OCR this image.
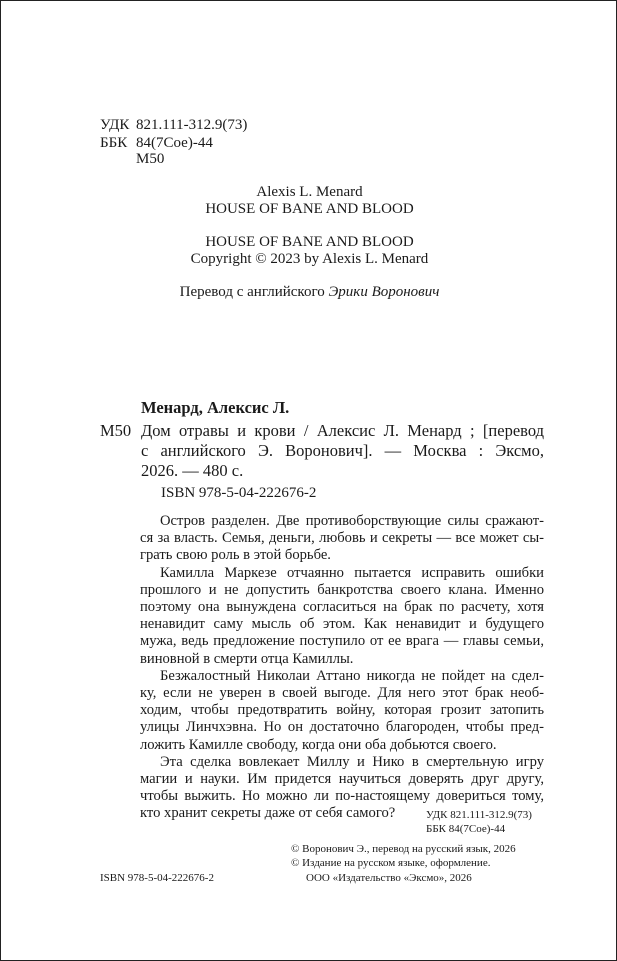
УДК 821.111-312.9(73)
ББК 84(7Сое)-44
М50
Alexis L. Menard
HOUSE OF BANE AND BLOOD
HOUSE OF BANE AND BLOOD
Copyright © 2023 by Alexis L. Menard
Перевод с английского Эрики Воронович
Менард, Алексис Л.
М50 Дом отравы и крови / Алексис Л. Менард ; [перевод
с английского Э. Воронович]. — Москва : Эксмо,
2026. — 480 с.
ISBN 978-5-04-222676-2
Остров разделен. Две противоборствующие силы сражают-
ся за власть. Семья, деньги, любовь и секреты — все может сы-
грать свою роль в этой борьбе.
Камилла Маркезе отчаянно пытается исправить ошибки
прошлого и не допустить банкротства своего клана. Именно
поэтому она вынуждена согласиться на брак по расчету, хотя
ненавидит саму мысль об этом. Как ненавидит и будущего
мужа, ведь предложение поступило от ее врага — главы семьи,
виновной в смерти отца Камиллы.
Безжалостный Николаи Аттано никогда не пойдет на сдел-
ку, если не уверен в своей выгоде. Для него этот брак необ-
ходим, чтобы предотвратить войну, которая грозит затопить
улицы Линчхэвна. Но он достаточно благороден, чтобы пред-
ложить Камилле свободу, когда они оба добьются своего.
Эта сделка вовлекает Миллу и Нико в смертельную игру
магии и науки. Им придется научиться доверять друг другу,
чтобы выжить. Но можно ли по-настоящему довериться тому,
кто хранит секреты даже от себя самого?	УДК 821.111-312.9(73)
ББК 84(7Сое)-44
© Воронович Э., перевод на русский язык, 2026
© Издание на русском языке, оформление.
ООО «Издательство «Эксмо», 2026
ISBN 978-5-04-222676-2
